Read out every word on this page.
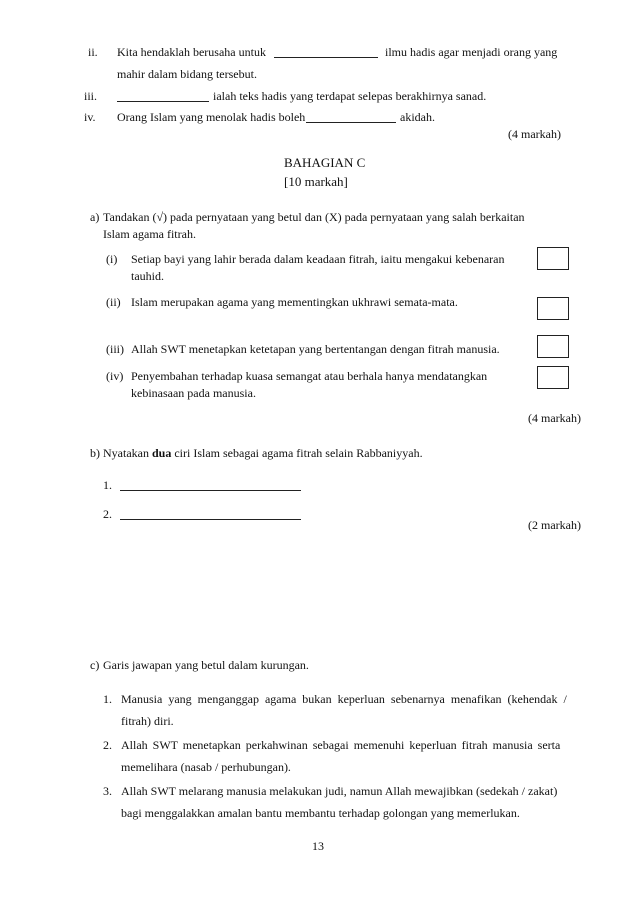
ii. Kita hendaklah berusaha untuk	ilmu hadis agar menjadi orang yang
mahir dalam bidang tersebut.
iii.	ialah teks hadis yang terdapat selepas berakhirnya sanad.
iv. Orang Islam yang menolak hadis boleh	akidah.
(4 markah)
BAHAGIAN C
[10 markah]
a) Tandakan (√) pada pernyataan yang betul dan (X) pada pernyataan yang salah berkaitan
Islam agama fitrah.
(i) Setiap bayi yang lahir berada dalam keadaan fitrah, iaitu mengakui kebenaran
tauhid.
(ii) Islam merupakan agama yang mementingkan ukhrawi semata-mata.
(iii) Allah SWT menetapkan ketetapan yang bertentangan dengan fitrah manusia.
(iv) Penyembahan terhadap kuasa semangat atau berhala hanya mendatangkan
kebinasaan pada manusia.
(4 markah)
b) Nyatakan dua ciri Islam sebagai agama fitrah selain Rabbaniyyah.
1.
2.
(2 markah)
c) Garis jawapan yang betul dalam kurungan.
1. Manusia yang menganggap agama bukan keperluan sebenarnya menafikan (kehendak /
fitrah) diri.
2. Allah SWT menetapkan perkahwinan sebagai memenuhi keperluan fitrah manusia serta
memelihara (nasab / perhubungan).
3. Allah SWT melarang manusia melakukan judi, namun Allah mewajibkan (sedekah / zakat)
bagi menggalakkan amalan bantu membantu terhadap golongan yang memerlukan.
13
